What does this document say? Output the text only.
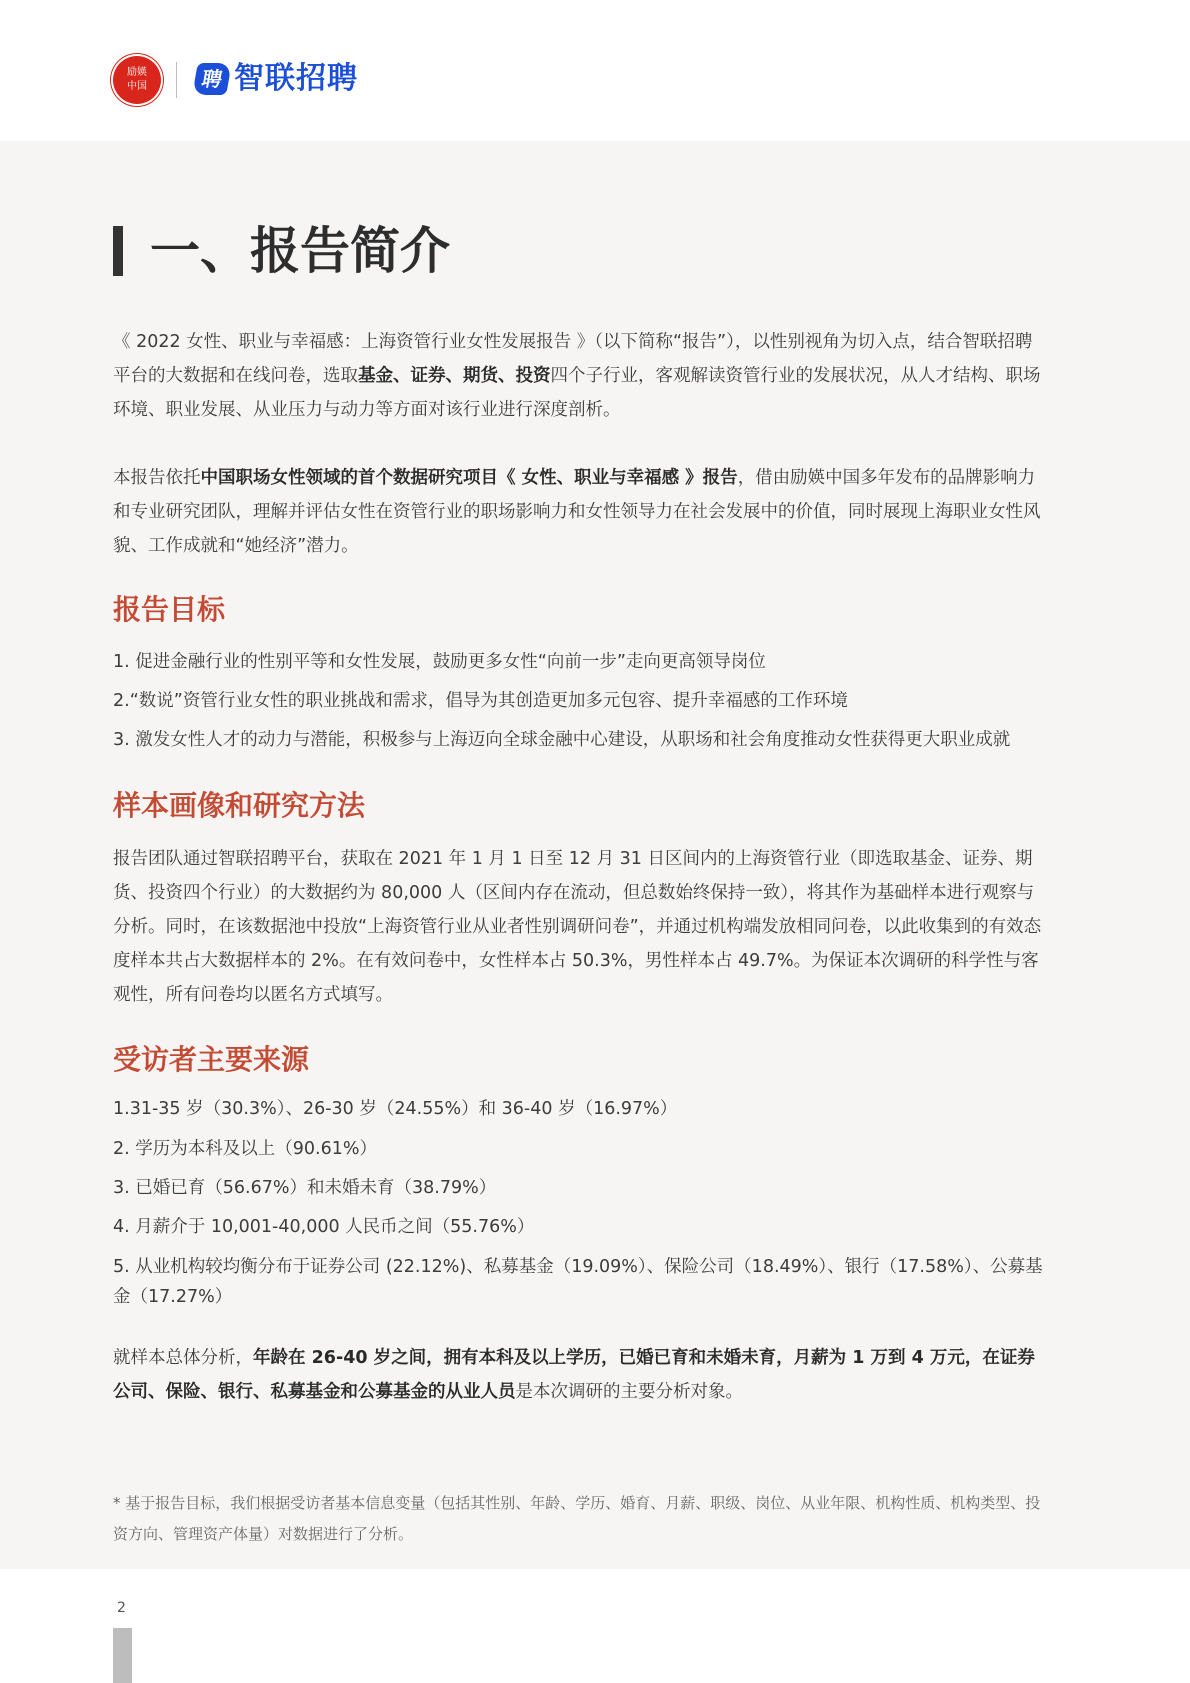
励媖
中国	聘 智联招聘
一、报告简介

《 2022 女性、职业与幸福感：上海资管行业女性发展报告 》（以下简称“报告”），以性别视角为切入点，结合智联招聘平台的大数据和在线问卷，选取基金、证券、期货、投资四个子行业，客观解读资管行业的发展状况，从人才结构、职场环境、职业发展、从业压力与动力等方面对该行业进行深度剖析。

本报告依托中国职场女性领域的首个数据研究项目《 女性、职业与幸福感 》报告，借由励媖中国多年发布的品牌影响力和专业研究团队，理解并评估女性在资管行业的职场影响力和女性领导力在社会发展中的价值，同时展现上海职业女性风貌、工作成就和“她经济”潜力。

报告目标

1. 促进金融行业的性别平等和女性发展，鼓励更多女性“向前一步”走向更高领导岗位

2.“数说”资管行业女性的职业挑战和需求，倡导为其创造更加多元包容、提升幸福感的工作环境

3. 激发女性人才的动力与潜能，积极参与上海迈向全球金融中心建设，从职场和社会角度推动女性获得更大职业成就

样本画像和研究方法

报告团队通过智联招聘平台，获取在 2021 年 1 月 1 日至 12 月 31 日区间内的上海资管行业（即选取基金、证券、期货、投资四个行业）的大数据约为 80,000 人（区间内存在流动，但总数始终保持一致），将其作为基础样本进行观察与分析。同时，在该数据池中投放“上海资管行业从业者性别调研问卷”，并通过机构端发放相同问卷，以此收集到的有效态度样本共占大数据样本的 2%。在有效问卷中，女性样本占 50.3%，男性样本占 49.7%。为保证本次调研的科学性与客观性，所有问卷均以匿名方式填写。

受访者主要来源

1.31-35 岁（30.3%）、26-30 岁（24.55%）和 36-40 岁（16.97%）

2. 学历为本科及以上（90.61%）

3. 已婚已育（56.67%）和未婚未育（38.79%）

4. 月薪介于 10,001-40,000 人民币之间（55.76%）

5. 从业机构较均衡分布于证券公司 (22.12%)、私募基金（19.09%）、保险公司（18.49%）、银行（17.58%）、公募基金（17.27%）

就样本总体分析，年龄在 26-40 岁之间，拥有本科及以上学历，已婚已育和未婚未育，月薪为 1 万到 4 万元，在证券公司、保险、银行、私募基金和公募基金的从业人员是本次调研的主要分析对象。

* 基于报告目标，我们根据受访者基本信息变量（包括其性别、年龄、学历、婚育、月薪、职级、岗位、从业年限、机构性质、机构类型、投资方向、管理资产体量）对数据进行了分析。

2
